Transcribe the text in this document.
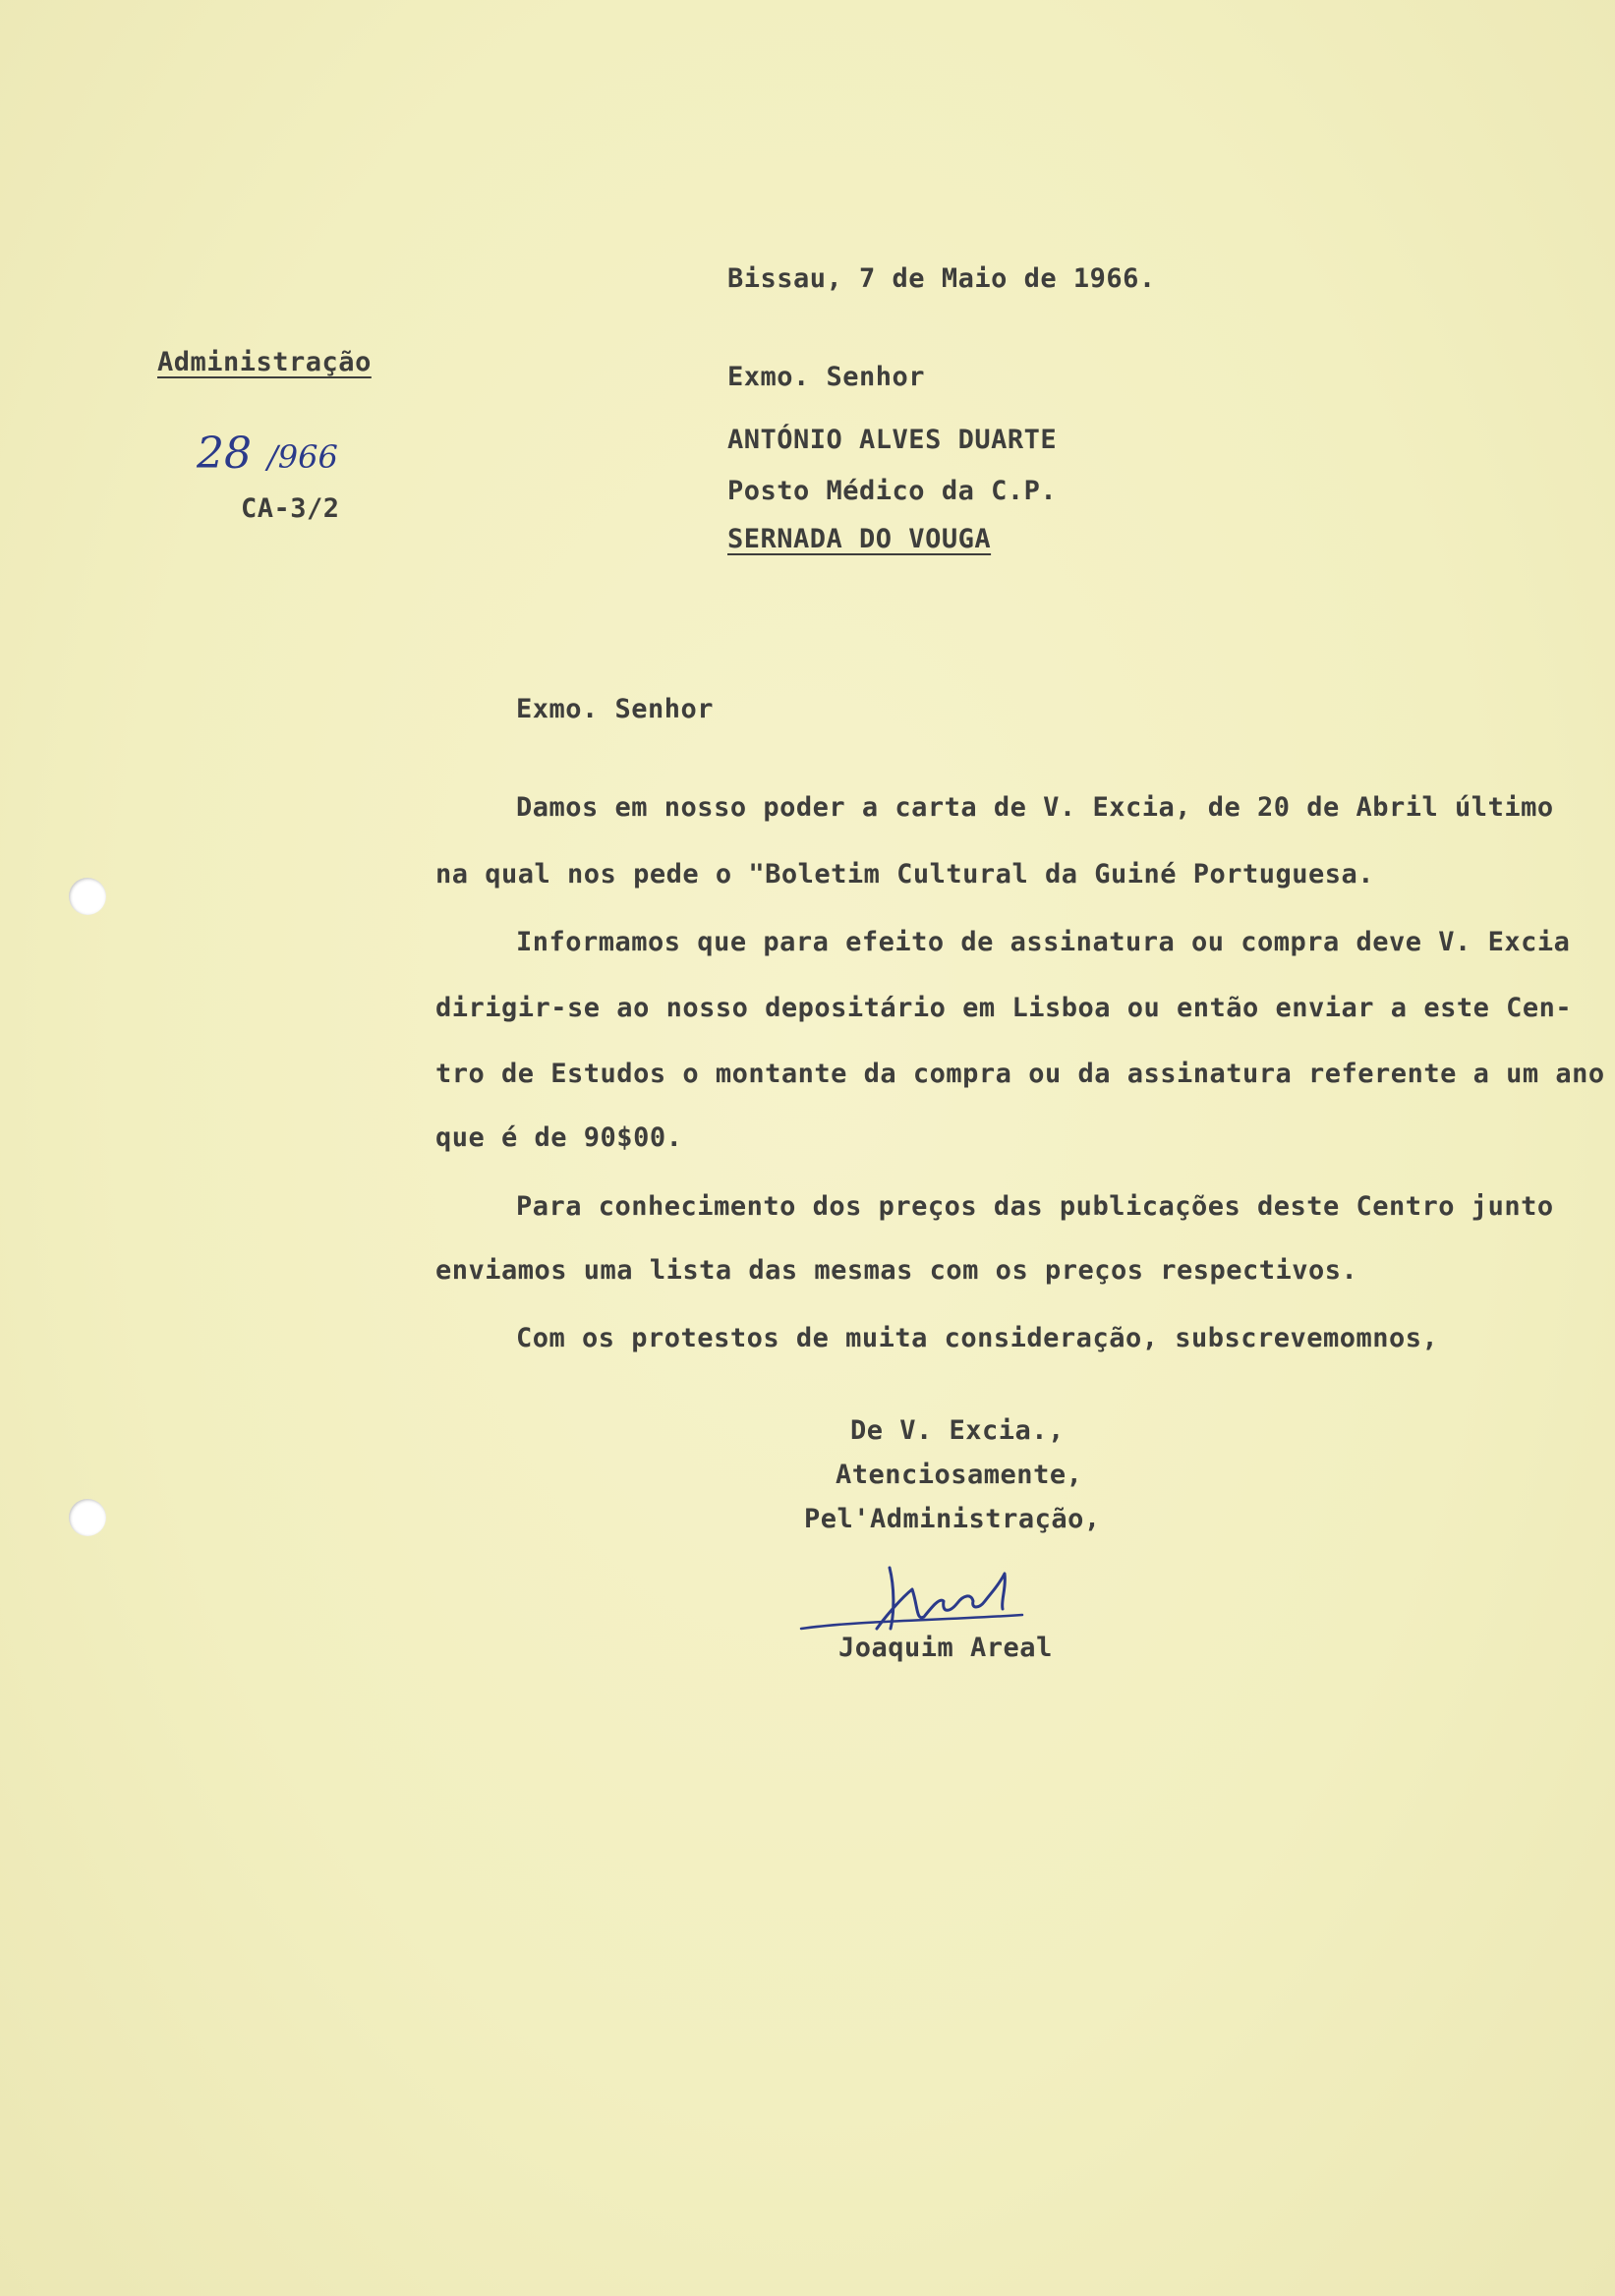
Bissau, 7 de Maio de 1966.
Administração
28 /966
CA-3/2
Exmo. Senhor
ANTÓNIO ALVES DUARTE
Posto Médico da C.P.
SERNADA DO VOUGA
Exmo. Senhor
Damos em nosso poder a carta de V. Excia, de 20 de Abril último
na qual nos pede o "Boletim Cultural da Guiné Portuguesa.
Informamos que para efeito de assinatura ou compra deve V. Excia
dirigir-se ao nosso depositário em Lisboa ou então enviar a este Cen-
tro de Estudos o montante da compra ou da assinatura referente a um ano
que é de 90$00.
Para conhecimento dos preços das publicações deste Centro junto
enviamos uma lista das mesmas com os preços respectivos.
Com os protestos de muita consideração, subscrevemomnos,
De V. Excia.,
Atenciosamente,
Pel'Administração,
Joaquim Areal
